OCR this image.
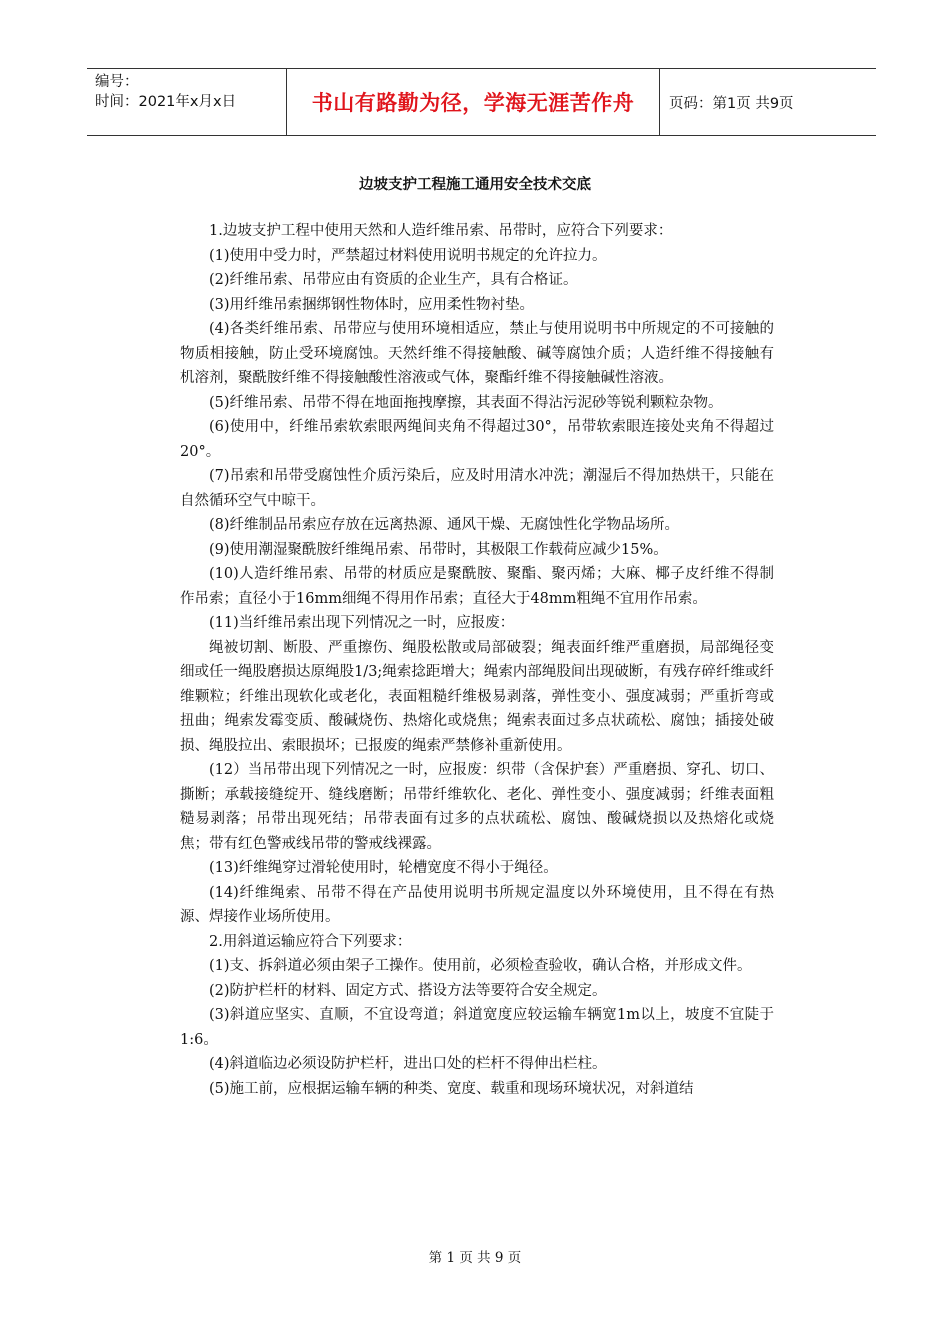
编号：
时间：2021年x月x日	书山有路勤为径，学海无涯苦作舟	页码：第1页 共9页
边坡支护工程施工通用安全技术交底

1.边坡支护工程中使用天然和人造纤维吊索、吊带时，应符合下列要求：

(1)使用中受力时，严禁超过材料使用说明书规定的允许拉力。

(2)纤维吊索、吊带应由有资质的企业生产，具有合格证。

(3)用纤维吊索捆绑钢性物体时，应用柔性物衬垫。

(4)各类纤维吊索、吊带应与使用环境相适应，禁止与使用说明书中所规定的不可接触的物质相接触，防止受环境腐蚀。天然纤维不得接触酸、碱等腐蚀介质；人造纤维不得接触有机溶剂，聚酰胺纤维不得接触酸性溶液或气体，聚酯纤维不得接触碱性溶液。

(5)纤维吊索、吊带不得在地面拖拽摩擦，其表面不得沾污泥砂等锐利颗粒杂物。

(6)使用中，纤维吊索软索眼两绳间夹角不得超过30°，吊带软索眼连接处夹角不得超过20°。

(7)吊索和吊带受腐蚀性介质污染后，应及时用清水冲洗；潮湿后不得加热烘干，只能在自然循环空气中晾干。

(8)纤维制品吊索应存放在远离热源、通风干燥、无腐蚀性化学物品场所。

(9)使用潮湿聚酰胺纤维绳吊索、吊带时，其极限工作载荷应减少15%。

(10)人造纤维吊索、吊带的材质应是聚酰胺、聚酯、聚丙烯；大麻、椰子皮纤维不得制作吊索；直径小于16mm细绳不得用作吊索；直径大于48mm粗绳不宜用作吊索。

(11)当纤维吊索出现下列情况之一时，应报废：

绳被切割、断股、严重擦伤、绳股松散或局部破裂；绳表面纤维严重磨损，局部绳径变细或任一绳股磨损达原绳股1/3;绳索捻距增大；绳索内部绳股间出现破断，有残存碎纤维或纤维颗粒；纤维出现软化或老化，表面粗糙纤维极易剥落，弹性变小、强度减弱；严重折弯或扭曲；绳索发霉变质、酸碱烧伤、热熔化或烧焦；绳索表面过多点状疏松、腐蚀；插接处破损、绳股拉出、索眼损坏；已报废的绳索严禁修补重新使用。

(12）当吊带出现下列情况之一时，应报废：织带（含保护套）严重磨损、穿孔、切口、撕断；承载接缝绽开、缝线磨断；吊带纤维软化、老化、弹性变小、强度减弱；纤维表面粗糙易剥落；吊带出现死结；吊带表面有过多的点状疏松、腐蚀、酸碱烧损以及热熔化或烧焦；带有红色警戒线吊带的警戒线裸露。

(13)纤维绳穿过滑轮使用时，轮槽宽度不得小于绳径。

(14)纤维绳索、吊带不得在产品使用说明书所规定温度以外环境使用，且不得在有热源、焊接作业场所使用。

2.用斜道运输应符合下列要求：

(1)支、拆斜道必须由架子工操作。使用前，必须检查验收，确认合格，并形成文件。

(2)防护栏杆的材料、固定方式、搭设方法等要符合安全规定。

(3)斜道应坚实、直顺，不宜设弯道；斜道宽度应较运输车辆宽1m以上，坡度不宜陡于1:6。

(4)斜道临边必须设防护栏杆，进出口处的栏杆不得伸出栏柱。

(5)施工前，应根据运输车辆的种类、宽度、载重和现场环境状况，对斜道结

第 1 页 共 9 页
